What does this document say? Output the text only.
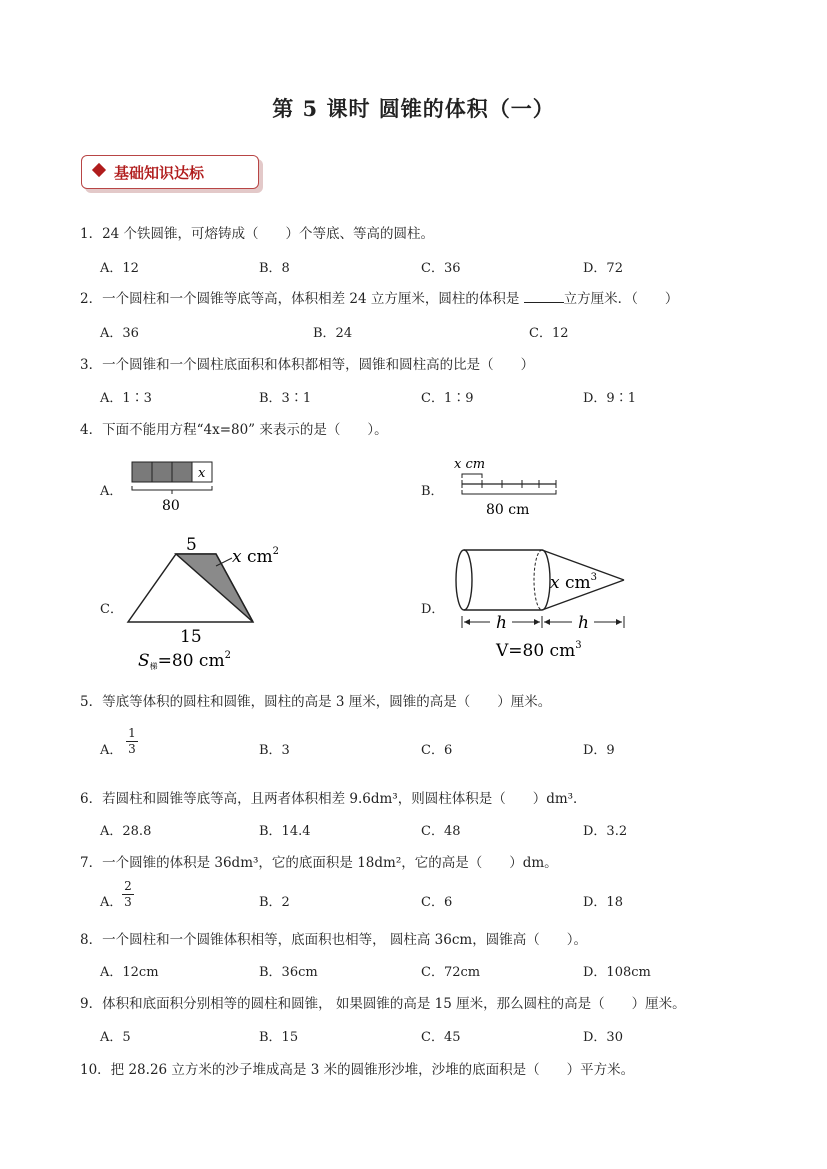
第 5 课时 圆锥的体积（一）
基础知识达标
1．24 个铁圆锥，可熔铸成（　　）个等底、等高的圆柱。
A．12	B．8	C．36	D．72
2．一个圆柱和一个圆锥等底等高，体积相差 24 立方厘米，圆柱的体积是	立方厘米．（　　）
A．36	B．24	C．12
3．一个圆锥和一个圆柱底面积和体积都相等，圆锥和圆柱高的比是（　　）
A．1∶3	B．3∶1	C．1∶9	D．9∶1
4．下面不能用方程“4x=80” 来表示的是（　　）。
A．	B．
C．	D．
x
80
x cm
80 cm
5
x $cm^2$
15
S梯=80 $cm^2$
x $cm^3$
h	h
V=80 $cm^3$
5．等底等体积的圆柱和圆锥，圆柱的高是 3 厘米，圆锥的高是（　　）厘米。
A．
1
3	B．3	C．6	D．9
6．若圆柱和圆锥等底等高，且两者体积相差 9.6dm³，则圆柱体积是（　　）dm³．
A．28.8	B．14.4	C．48	D．3.2
7．一个圆锥的体积是 36dm³，它的底面积是 18dm²，它的高是（　　）dm。
A．
2
3	B．2	C．6	D．18
8．一个圆柱和一个圆锥体积相等，底面积也相等， 圆柱高 36cm，圆锥高（　　）。
A．12cm	B．36cm	C．72cm	D．108cm
9．体积和底面积分别相等的圆柱和圆锥， 如果圆锥的高是 15 厘米，那么圆柱的高是（　　）厘米。
A．5	B．15	C．45	D．30
10．把 28.26 立方米的沙子堆成高是 3 米的圆锥形沙堆，沙堆的底面积是（　　）平方米。
